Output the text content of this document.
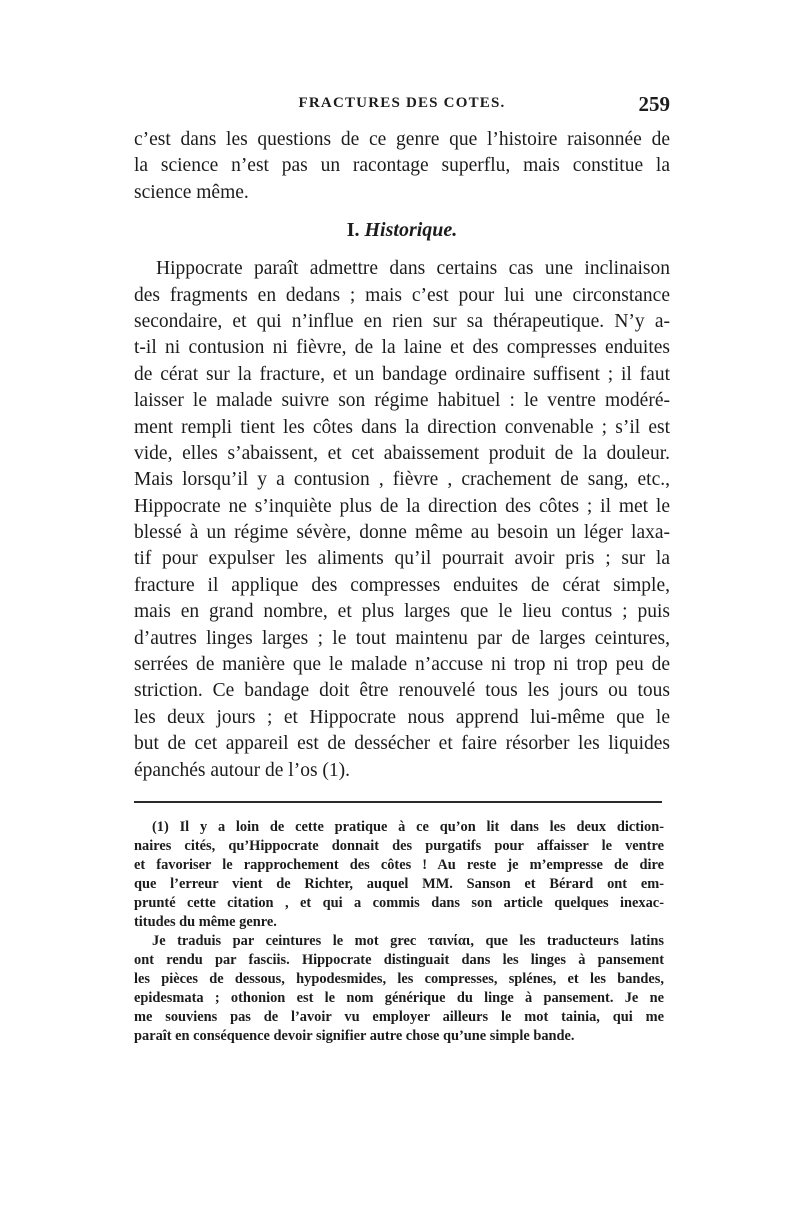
FRACTURES DES COTES.	259
c’est dans les questions de ce genre que l’histoire raisonnée de
la science n’est pas un racontage superflu, mais constitue la
science même.
I. Historique.
Hippocrate paraît admettre dans certains cas une inclinaison
des fragments en dedans ; mais c’est pour lui une circonstance
secondaire, et qui n’influe en rien sur sa thérapeutique. N’y a-
t-il ni contusion ni fièvre, de la laine et des compresses enduites
de cérat sur la fracture, et un bandage ordinaire suffisent ; il faut
laisser le malade suivre son régime habituel : le ventre modéré-
ment rempli tient les côtes dans la direction convenable ; s’il est
vide, elles s’abaissent, et cet abaissement produit de la douleur.
Mais lorsqu’il y a contusion , fièvre , crachement de sang, etc.,
Hippocrate ne s’inquiète plus de la direction des côtes ; il met le
blessé à un régime sévère, donne même au besoin un léger laxa-
tif pour expulser les aliments qu’il pourrait avoir pris ; sur la
fracture il applique des compresses enduites de cérat simple,
mais en grand nombre, et plus larges que le lieu contus ; puis
d’autres linges larges ; le tout maintenu par de larges ceintures,
serrées de manière que le malade n’accuse ni trop ni trop peu de
striction. Ce bandage doit être renouvelé tous les jours ou tous
les deux jours ; et Hippocrate nous apprend lui-même que le
but de cet appareil est de dessécher et faire résorber les liquides
épanchés autour de l’os (1).
(1) Il y a loin de cette pratique à ce qu’on lit dans les deux diction-
naires cités, qu’Hippocrate donnait des purgatifs pour affaisser le ventre
et favoriser le rapprochement des côtes ! Au reste je m’empresse de dire
que l’erreur vient de Richter, auquel MM. Sanson et Bérard ont em-
prunté cette citation , et qui a commis dans son article quelques inexac-
titudes du même genre.
Je traduis par ceintures le mot grec ταινίαι, que les traducteurs latins
ont rendu par fasciis. Hippocrate distinguait dans les linges à pansement
les pièces de dessous, hypodesmides, les compresses, splénes, et les bandes,
epidesmata ; othonion est le nom générique du linge à pansement. Je ne
me souviens pas de l’avoir vu employer ailleurs le mot tainia, qui me
paraît en conséquence devoir signifier autre chose qu’une simple bande.
